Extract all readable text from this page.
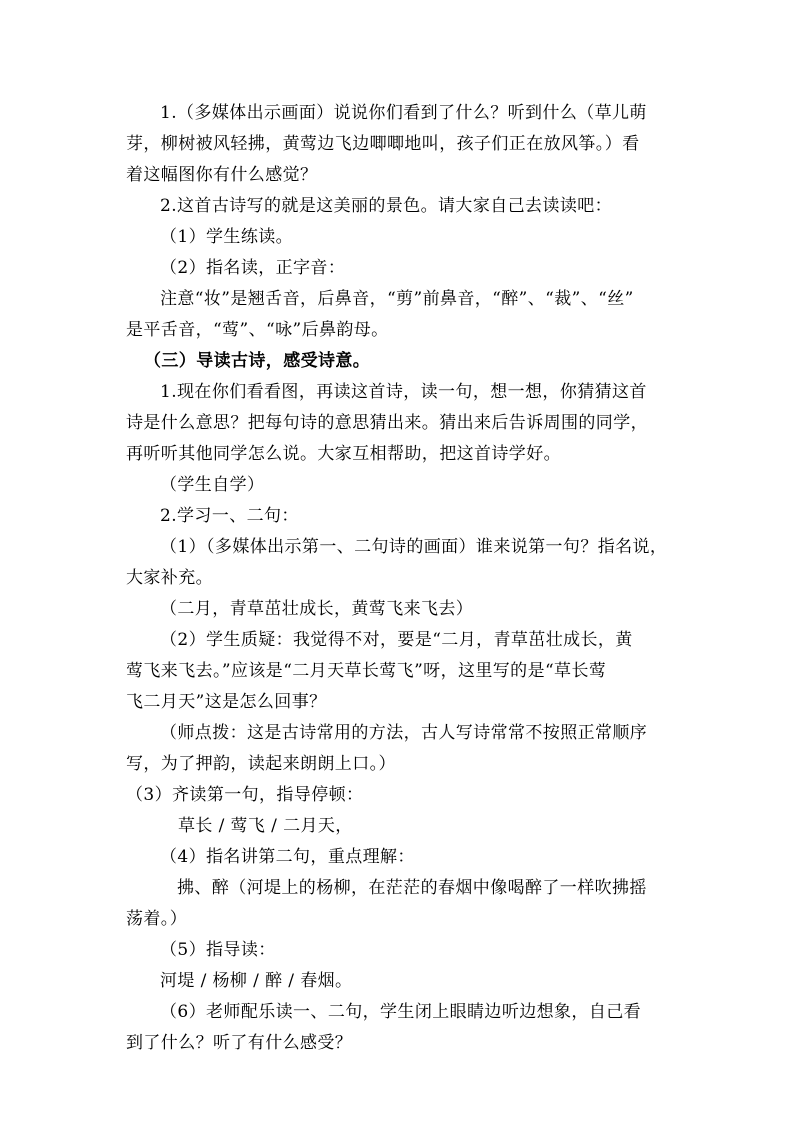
1.（多媒体出示画面）说说你们看到了什么？听到什么（草儿萌
芽，柳树被风轻拂，黄莺边飞边唧唧地叫，孩子们正在放风筝。）看
着这幅图你有什么感觉？
2.这首古诗写的就是这美丽的景色。请大家自己去读读吧：
（1）学生练读。
（2）指名读，正字音：
注意“妆”是翘舌音，后鼻音，“剪”前鼻音，“醉”、“裁”、“丝”
是平舌音，“莺”、“咏”后鼻韵母。
（三）导读古诗，感受诗意。
1.现在你们看看图，再读这首诗，读一句，想一想，你猜猜这首
诗是什么意思？把每句诗的意思猜出来。猜出来后告诉周围的同学，
再听听其他同学怎么说。大家互相帮助，把这首诗学好。
（学生自学）
2.学习一、二句：
（1）（多媒体出示第一、二句诗的画面）谁来说第一句？指名说，
大家补充。
（二月，青草茁壮成长，黄莺飞来飞去）
（2）学生质疑：我觉得不对，要是“二月，青草茁壮成长，黄
莺飞来飞去。”应该是“二月天草长莺飞”呀，这里写的是“草长莺
飞二月天”这是怎么回事？
（师点拨：这是古诗常用的方法，古人写诗常常不按照正常顺序
写，为了押韵，读起来朗朗上口。）
（3）齐读第一句，指导停顿：
草长 / 莺飞 / 二月天，
（4）指名讲第二句，重点理解：
拂、醉（河堤上的杨柳，在茫茫的春烟中像喝醉了一样吹拂摇
荡着。）
（5）指导读：
河堤 / 杨柳 / 醉 / 春烟。
（6）老师配乐读一、二句，学生闭上眼睛边听边想象，自己看
到了什么？听了有什么感受？
